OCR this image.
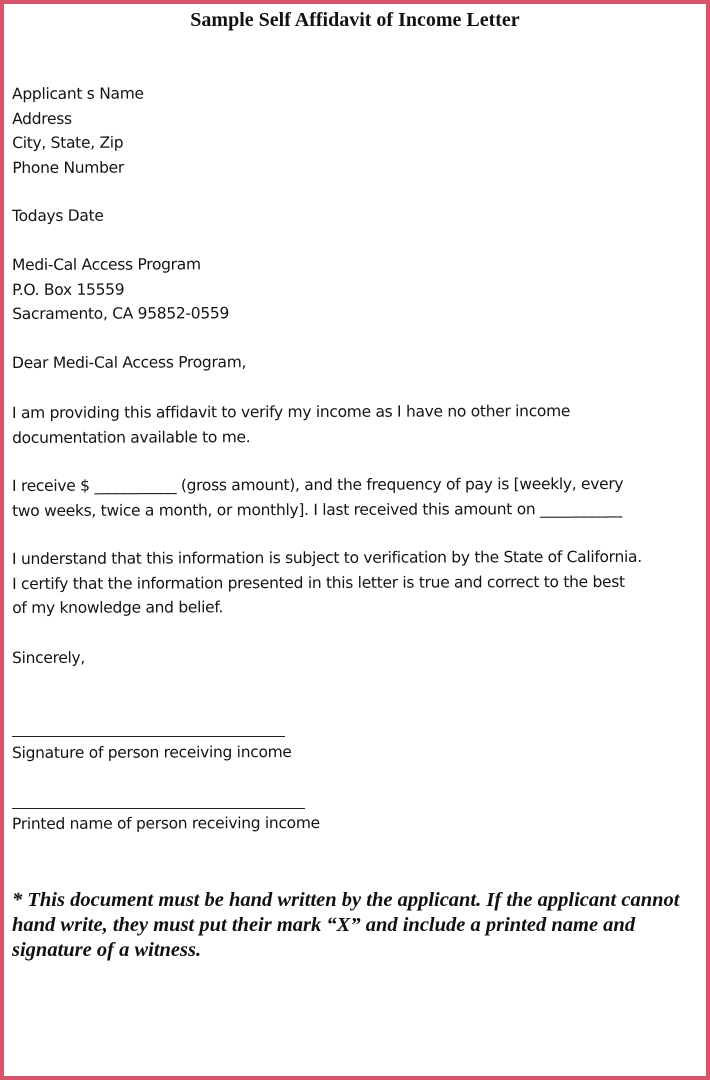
Sample Self Affidavit of Income Letter
Applicant s Name
Address
City, State, Zip
Phone Number
Todays Date
Medi-Cal Access Program
P.O. Box 15559
Sacramento, CA 95852-0559
Dear Medi-Cal Access Program,
I am providing this affidavit to verify my income as I have no other income
documentation available to me.
I receive $ ___________ (gross amount), and the frequency of pay is [weekly, every
two weeks, twice a month, or monthly]. I last received this amount on ___________
I understand that this information is subject to verification by the State of California.
I certify that the information presented in this letter is true and correct to the best
of my knowledge and belief.
Sincerely,
Signature of person receiving income
Printed name of person receiving income
* This document must be hand written by the applicant. If the applicant cannot hand write, they must put their mark “X” and include a printed name and signature of a witness.
